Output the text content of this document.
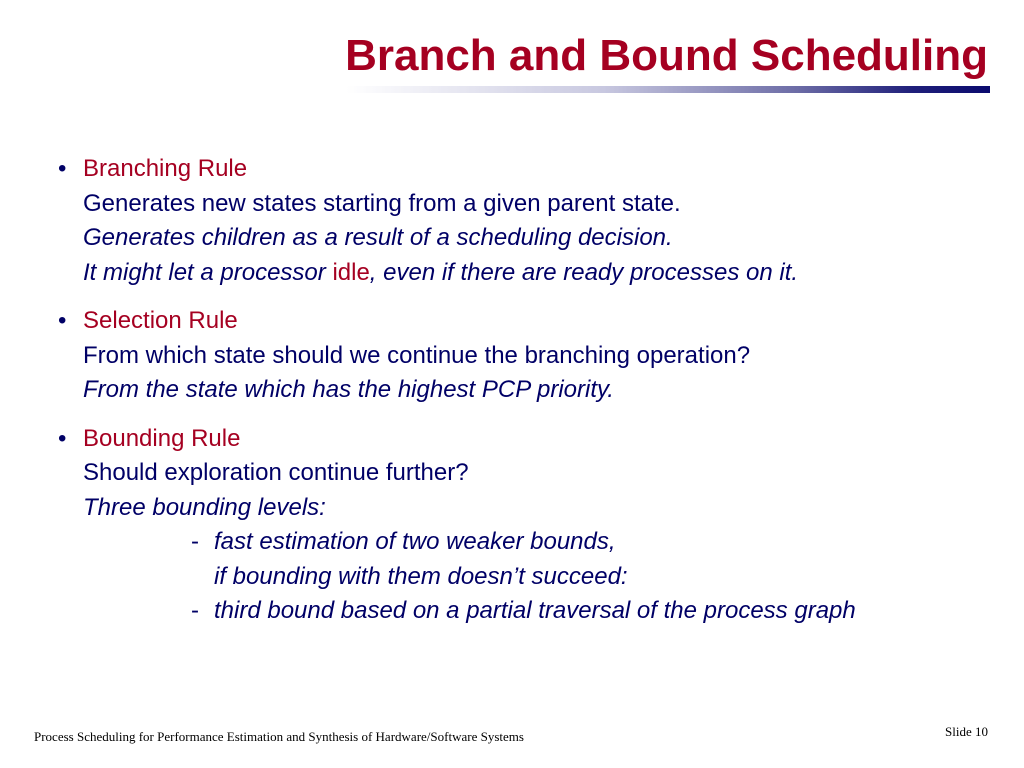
Branch and Bound Scheduling
• Branching Rule
Generates new states starting from a given parent state.
Generates children as a result of a scheduling decision.
It might let a processor idle, even if there are ready processes on it.
• Selection Rule
From which state should we continue the branching operation?
From the state which has the highest PCP priority.
• Bounding Rule
Should exploration continue further?
Three bounding levels:
- fast estimation of two weaker bounds,
if bounding with them doesn’t succeed:
- third bound based on a partial traversal of the process graph
Process Scheduling for Performance Estimation and Synthesis of Hardware/Software Systems	Slide 10
